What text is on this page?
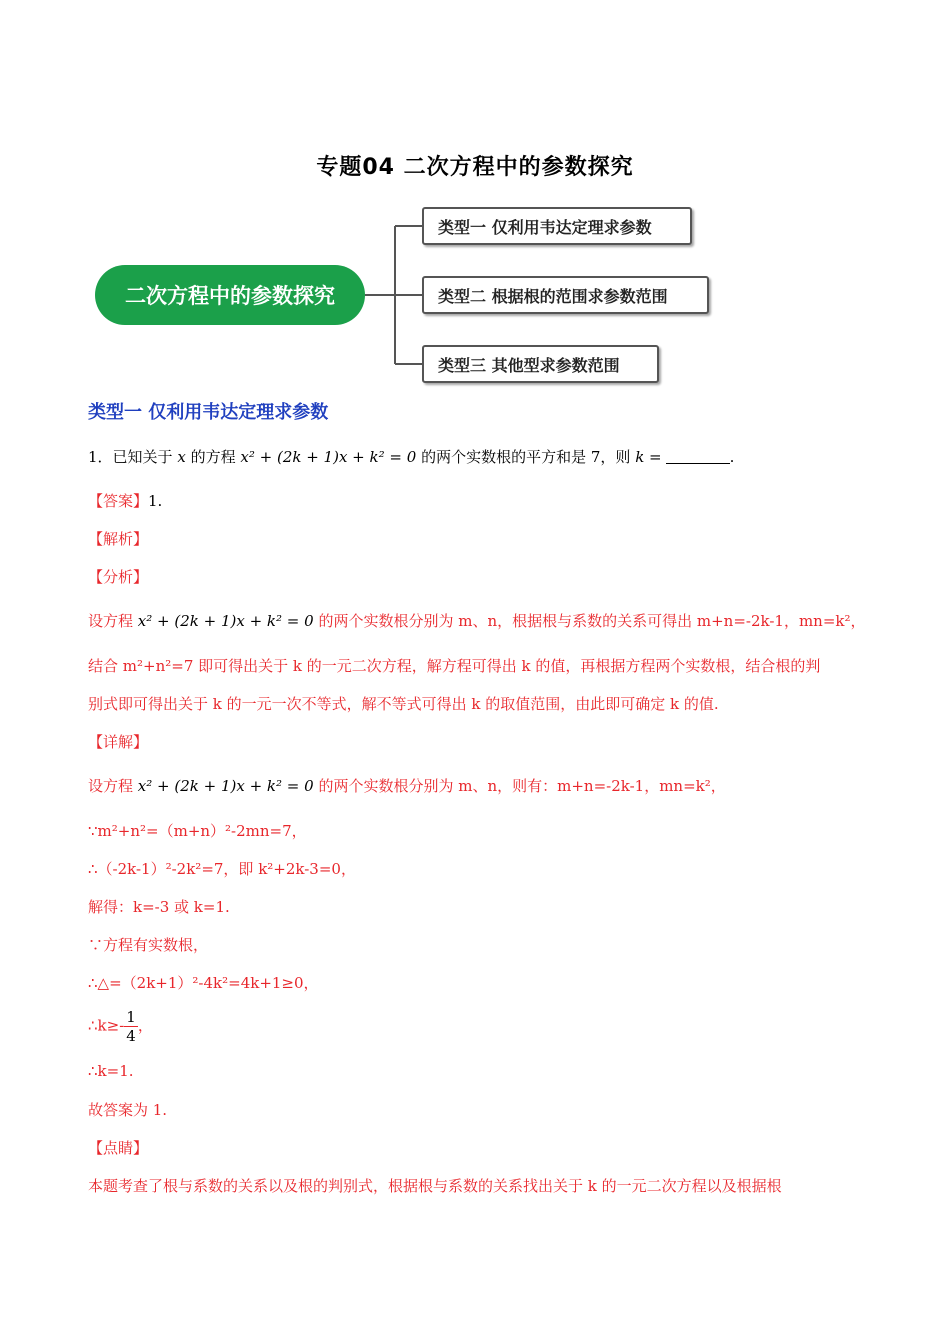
专题04 二次方程中的参数探究
二次方程中的参数探究
类型一 仅利用韦达定理求参数
类型二 根据根的范围求参数范围
类型三 其他型求参数范围
类型一 仅利用韦达定理求参数
1．已知关于 x 的方程 x² + (2k + 1)x + k² = 0 的两个实数根的平方和是 7，则 k =	.
【答案】1.
【解析】
【分析】
设方程 x² + (2k + 1)x + k² = 0 的两个实数根分别为 m、n，根据根与系数的关系可得出 m+n=-2k-1，mn=k²，
结合 m²+n²=7 即可得出关于 k 的一元二次方程，解方程可得出 k 的值，再根据方程两个实数根，结合根的判
别式即可得出关于 k 的一元一次不等式，解不等式可得出 k 的取值范围，由此即可确定 k 的值.
【详解】
设方程 x² + (2k + 1)x + k² = 0 的两个实数根分别为 m、n，则有：m+n=-2k-1，mn=k²，
∵m²+n²=（m+n）²-2mn=7，
∴（-2k-1）²-2k²=7，即 k²+2k-3=0，
解得：k=-3 或 k=1.
∵方程有实数根，
∴△=（2k+1）²-4k²=4k+1≥0，
∴k≥- $\frac{1}{4}$ ，
∴k=1.
故答案为 1.
【点睛】
本题考查了根与系数的关系以及根的判别式，根据根与系数的关系找出关于 k 的一元二次方程以及根据根
